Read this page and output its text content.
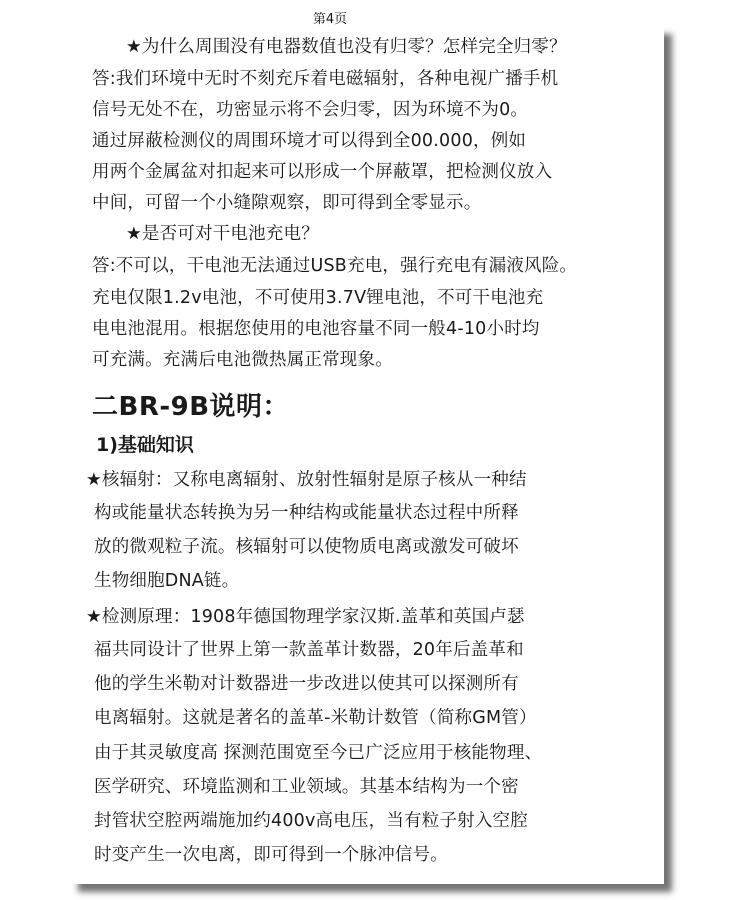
第4页
★为什么周围没有电器数值也没有归零？怎样完全归零？
答:我们环境中无时不刻充斥着电磁辐射，各种电视广播手机
信号无处不在，功密显示将不会归零，因为环境不为0。
通过屏蔽检测仪的周围环境才可以得到全00.000，例如
用两个金属盆对扣起来可以形成一个屏蔽罩，把检测仪放入
中间，可留一个小缝隙观察，即可得到全零显示。
★是否可对干电池充电？
答:不可以，干电池无法通过USB充电，强行充电有漏液风险。
充电仅限1.2v电池，不可使用3.7V锂电池，不可干电池充
电电池混用。根据您使用的电池容量不同一般4-10小时均
可充满。充满后电池微热属正常现象。
二BR-9B说明：
1)基础知识
★核辐射：又称电离辐射、放射性辐射是原子核从一种结
构或能量状态转换为另一种结构或能量状态过程中所释
放的微观粒子流。核辐射可以使物质电离或激发可破坏
生物细胞DNA链。
★检测原理：1908年德国物理学家汉斯.盖革和英国卢瑟
福共同设计了世界上第一款盖革计数器，20年后盖革和
他的学生米勒对计数器进一步改进以使其可以探测所有
电离辐射。这就是著名的盖革-米勒计数管（简称GM管）
由于其灵敏度高 探测范围宽至今已广泛应用于核能物理、
医学研究、环境监测和工业领域。其基本结构为一个密
封管状空腔两端施加约400v高电压，当有粒子射入空腔
时变产生一次电离，即可得到一个脉冲信号。
